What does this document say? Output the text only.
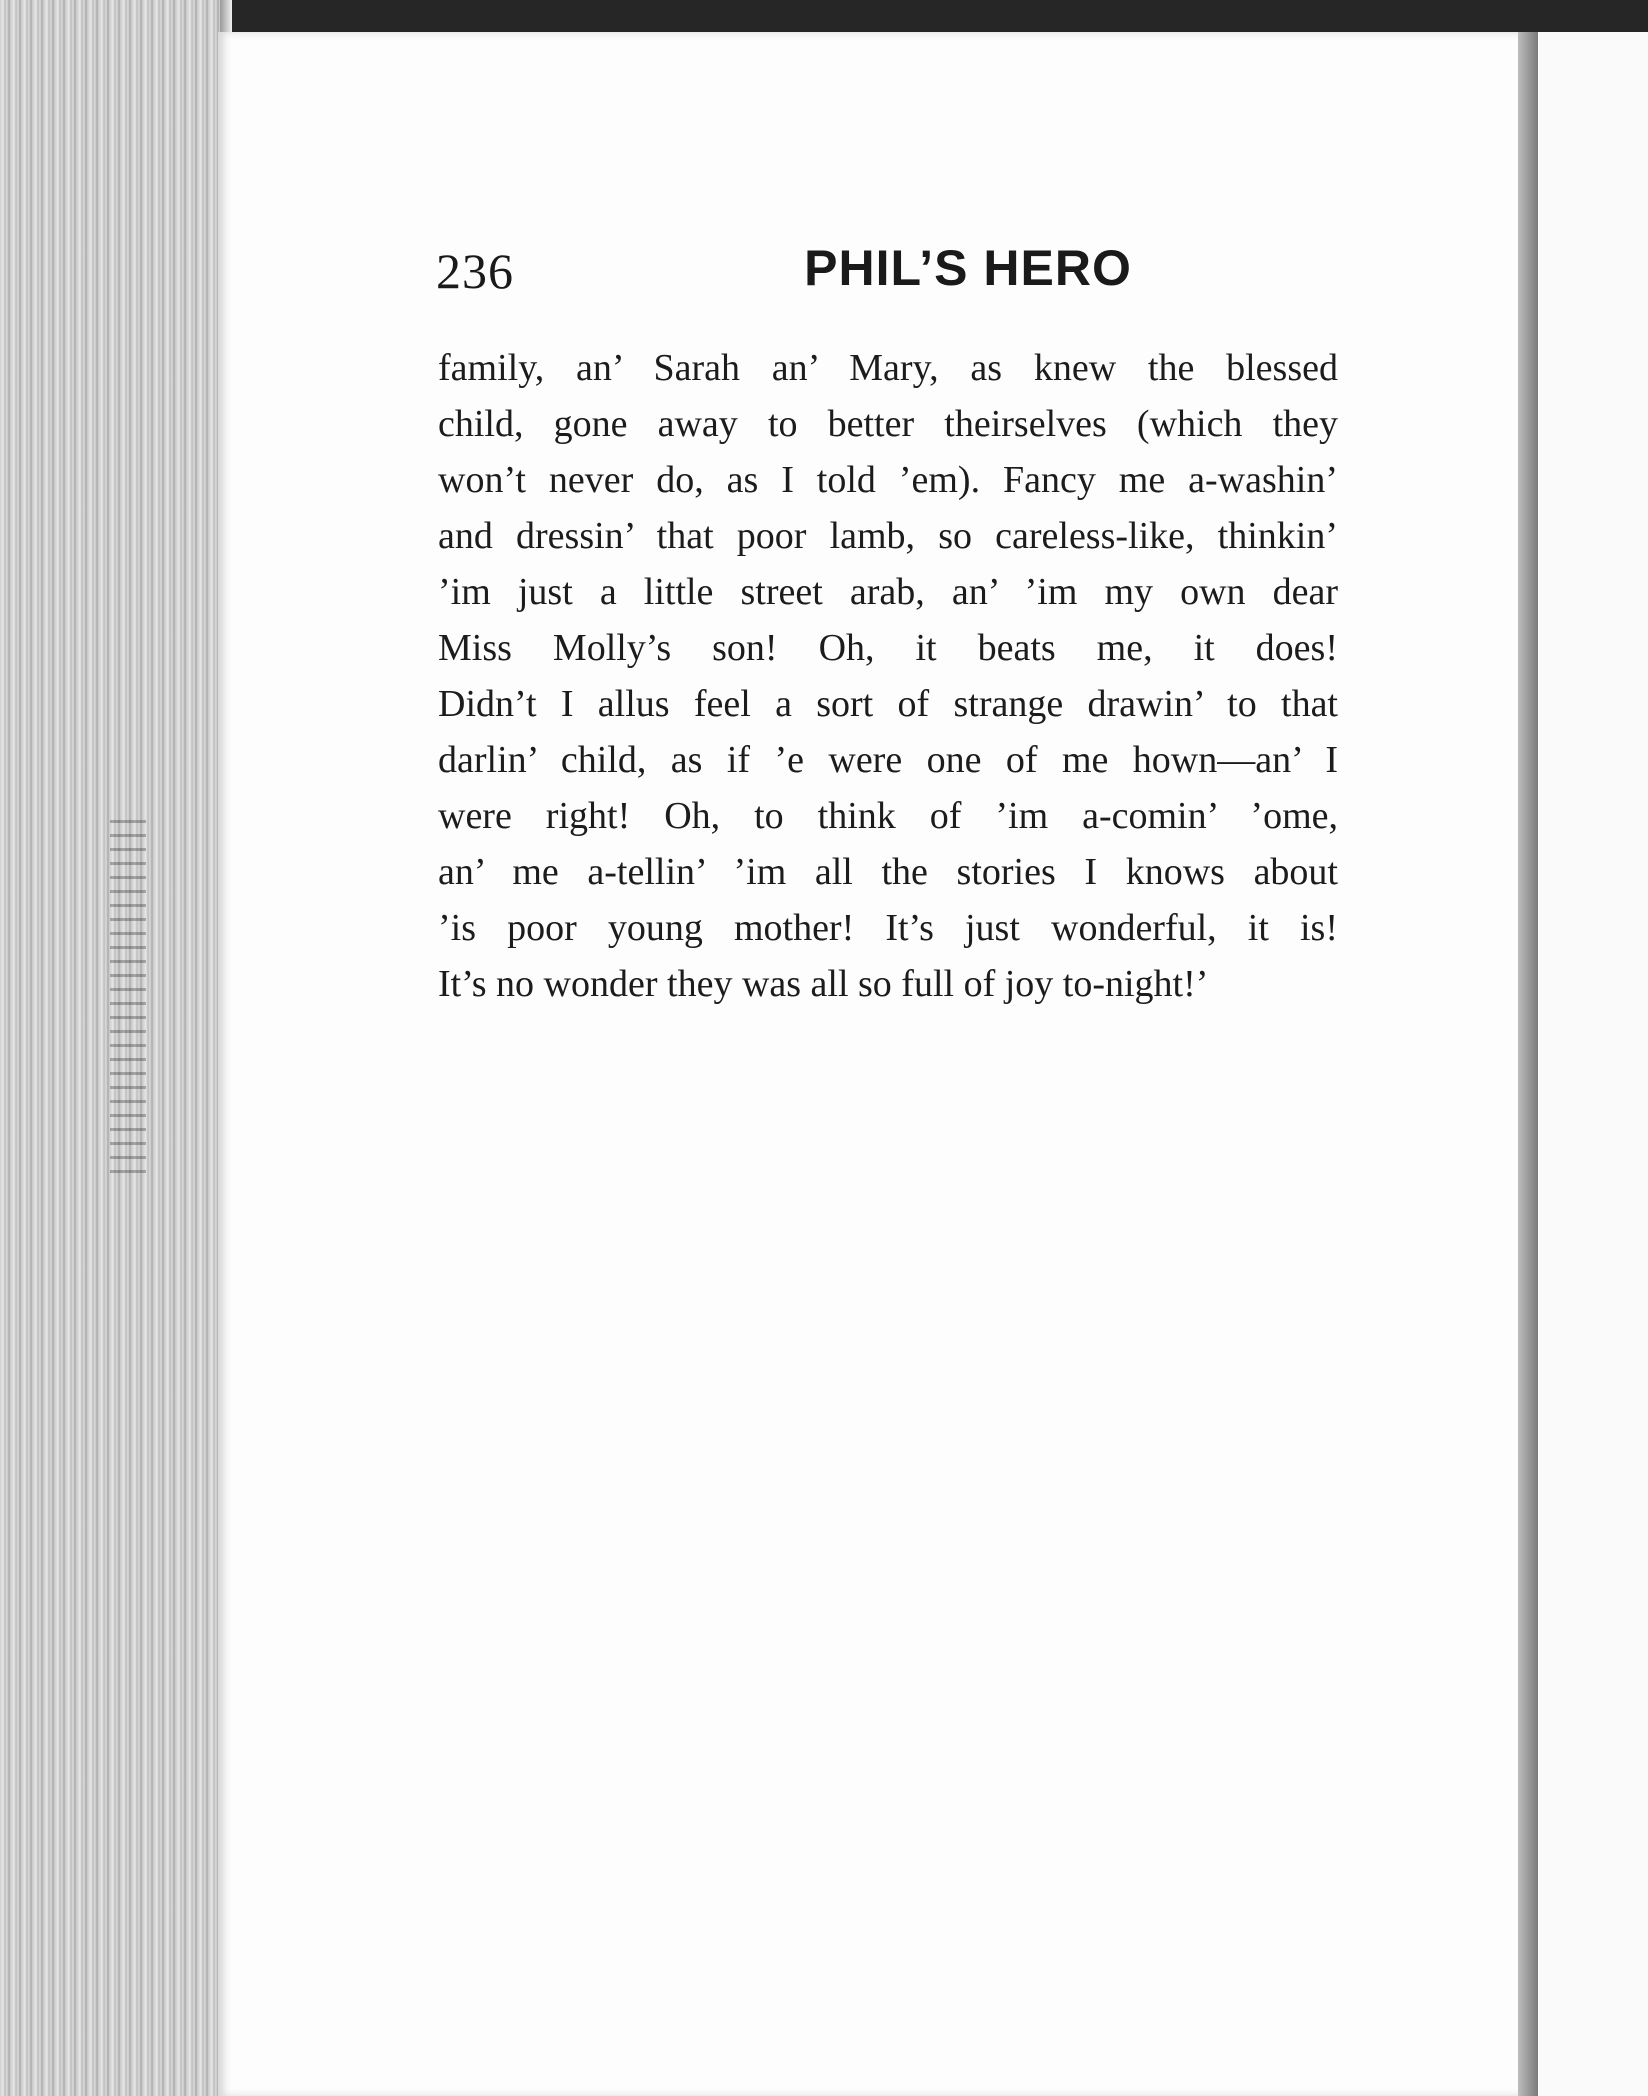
236	PHIL’S HERO

family, an’ Sarah an’ Mary, as knew the blessed
child, gone away to better theirselves (which they
won’t never do, as I told ’em). Fancy me a-washin’
and dressin’ that poor lamb, so careless-like, thinkin’
’im just a little street arab, an’ ’im my own dear
Miss Molly’s son! Oh, it beats me, it does!
Didn’t I allus feel a sort of strange drawin’ to that
darlin’ child, as if ’e were one of me hown—an’ I
were right! Oh, to think of ’im a-comin’ ’ome,
an’ me a-tellin’ ’im all the stories I knows about
’is poor young mother! It’s just wonderful, it is!
It’s no wonder they was all so full of joy to-night!’
